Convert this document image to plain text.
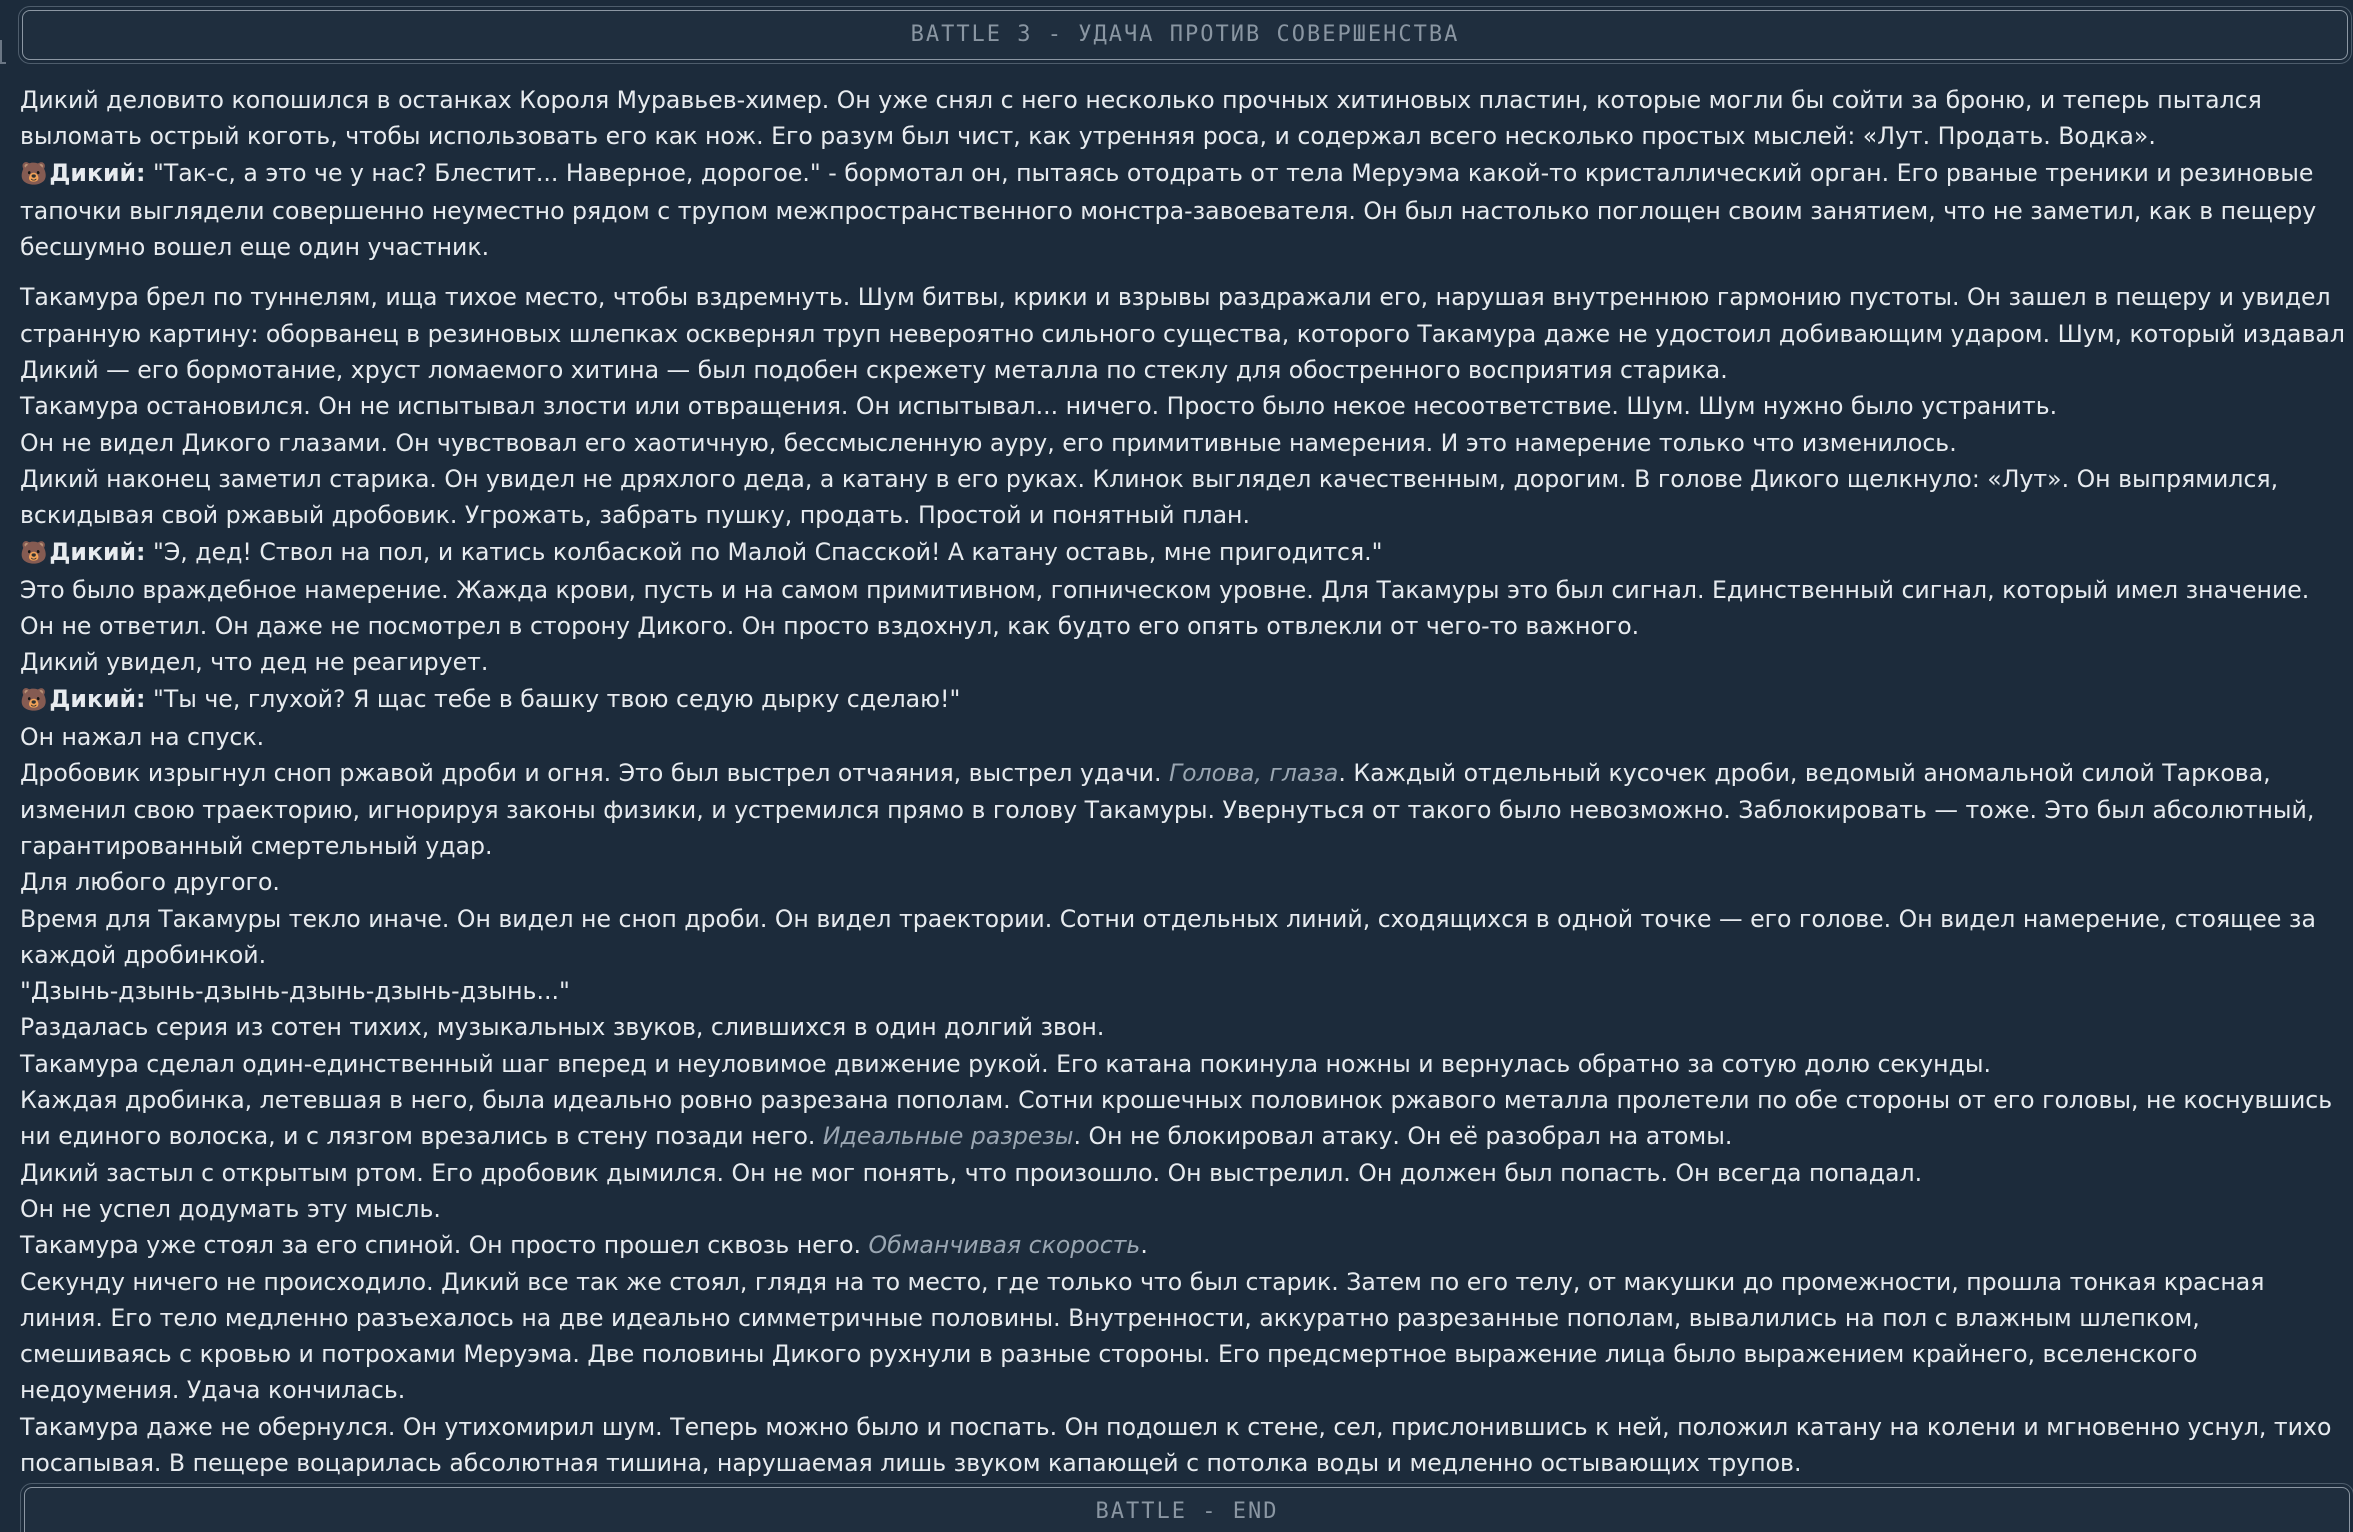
BATTLE 3 - УДАЧА ПРОТИВ СОВЕРШЕНСТВА

Дикий деловито копошился в останках Короля Муравьев-химер. Он уже снял с него несколько прочных хитиновых пластин, которые могли бы сойти за броню, и теперь пытался выломать острый коготь, чтобы использовать его как нож. Его разум был чист, как утренняя роса, и содержал всего несколько простых мыслей: «Лут. Продать. Водка».

🐻Дикий: "Так-с, а это че у нас? Блестит... Наверное, дорогое." - бормотал он, пытаясь отодрать от тела Меруэма какой-то кристаллический орган. Его рваные треники и резиновые тапочки выглядели совершенно неуместно рядом с трупом межпространственного монстра-завоевателя. Он был настолько поглощен своим занятием, что не заметил, как в пещеру бесшумно вошел еще один участник.

Такамура брел по туннелям, ища тихое место, чтобы вздремнуть. Шум битвы, крики и взрывы раздражали его, нарушая внутреннюю гармонию пустоты. Он зашел в пещеру и увидел странную картину: оборванец в резиновых шлепках осквернял труп невероятно сильного существа, которого Такамура даже не удостоил добивающим ударом. Шум, который издавал Дикий — его бормотание, хруст ломаемого хитина — был подобен скрежету металла по стеклу для обостренного восприятия старика.

Такамура остановился. Он не испытывал злости или отвращения. Он испытывал... ничего. Просто было некое несоответствие. Шум. Шум нужно было устранить.

Он не видел Дикого глазами. Он чувствовал его хаотичную, бессмысленную ауру, его примитивные намерения. И это намерение только что изменилось.

Дикий наконец заметил старика. Он увидел не дряхлого деда, а катану в его руках. Клинок выглядел качественным, дорогим. В голове Дикого щелкнуло: «Лут». Он выпрямился, вскидывая свой ржавый дробовик. Угрожать, забрать пушку, продать. Простой и понятный план.

🐻Дикий: "Э, дед! Ствол на пол, и катись колбаской по Малой Спасской! А катану оставь, мне пригодится."

Это было враждебное намерение. Жажда крови, пусть и на самом примитивном, гопническом уровне. Для Такамуры это был сигнал. Единственный сигнал, который имел значение.

Он не ответил. Он даже не посмотрел в сторону Дикого. Он просто вздохнул, как будто его опять отвлекли от чего-то важного.

Дикий увидел, что дед не реагирует.

🐻Дикий: "Ты че, глухой? Я щас тебе в башку твою седую дырку сделаю!"

Он нажал на спуск.

Дробовик изрыгнул сноп ржавой дроби и огня. Это был выстрел отчаяния, выстрел удачи. Голова, глаза. Каждый отдельный кусочек дроби, ведомый аномальной силой Таркова, изменил свою траекторию, игнорируя законы физики, и устремился прямо в голову Такамуры. Увернуться от такого было невозможно. Заблокировать — тоже. Это был абсолютный, гарантированный смертельный удар.

Для любого другого.

Время для Такамуры текло иначе. Он видел не сноп дроби. Он видел траектории. Сотни отдельных линий, сходящихся в одной точке — его голове. Он видел намерение, стоящее за каждой дробинкой.

"Дзынь-дзынь-дзынь-дзынь-дзынь-дзынь..."

Раздалась серия из сотен тихих, музыкальных звуков, слившихся в один долгий звон.

Такамура сделал один-единственный шаг вперед и неуловимое движение рукой. Его катана покинула ножны и вернулась обратно за сотую долю секунды.

Каждая дробинка, летевшая в него, была идеально ровно разрезана пополам. Сотни крошечных половинок ржавого металла пролетели по обе стороны от его головы, не коснувшись ни единого волоска, и с лязгом врезались в стену позади него. Идеальные разрезы. Он не блокировал атаку. Он её разобрал на атомы.

Дикий застыл с открытым ртом. Его дробовик дымился. Он не мог понять, что произошло. Он выстрелил. Он должен был попасть. Он всегда попадал.

Он не успел додумать эту мысль.

Такамура уже стоял за его спиной. Он просто прошел сквозь него. Обманчивая скорость.

Секунду ничего не происходило. Дикий все так же стоял, глядя на то место, где только что был старик. Затем по его телу, от макушки до промежности, прошла тонкая красная линия. Его тело медленно разъехалось на две идеально симметричные половины. Внутренности, аккуратно разрезанные пополам, вывалились на пол с влажным шлепком, смешиваясь с кровью и потрохами Меруэма. Две половины Дикого рухнули в разные стороны. Его предсмертное выражение лица было выражением крайнего, вселенского недоумения. Удача кончилась.

Такамура даже не обернулся. Он утихомирил шум. Теперь можно было и поспать. Он подошел к стене, сел, прислонившись к ней, положил катану на колени и мгновенно уснул, тихо посапывая. В пещере воцарилась абсолютная тишина, нарушаемая лишь звуком капающей с потолка воды и медленно остывающих трупов.

BATTLE - END
